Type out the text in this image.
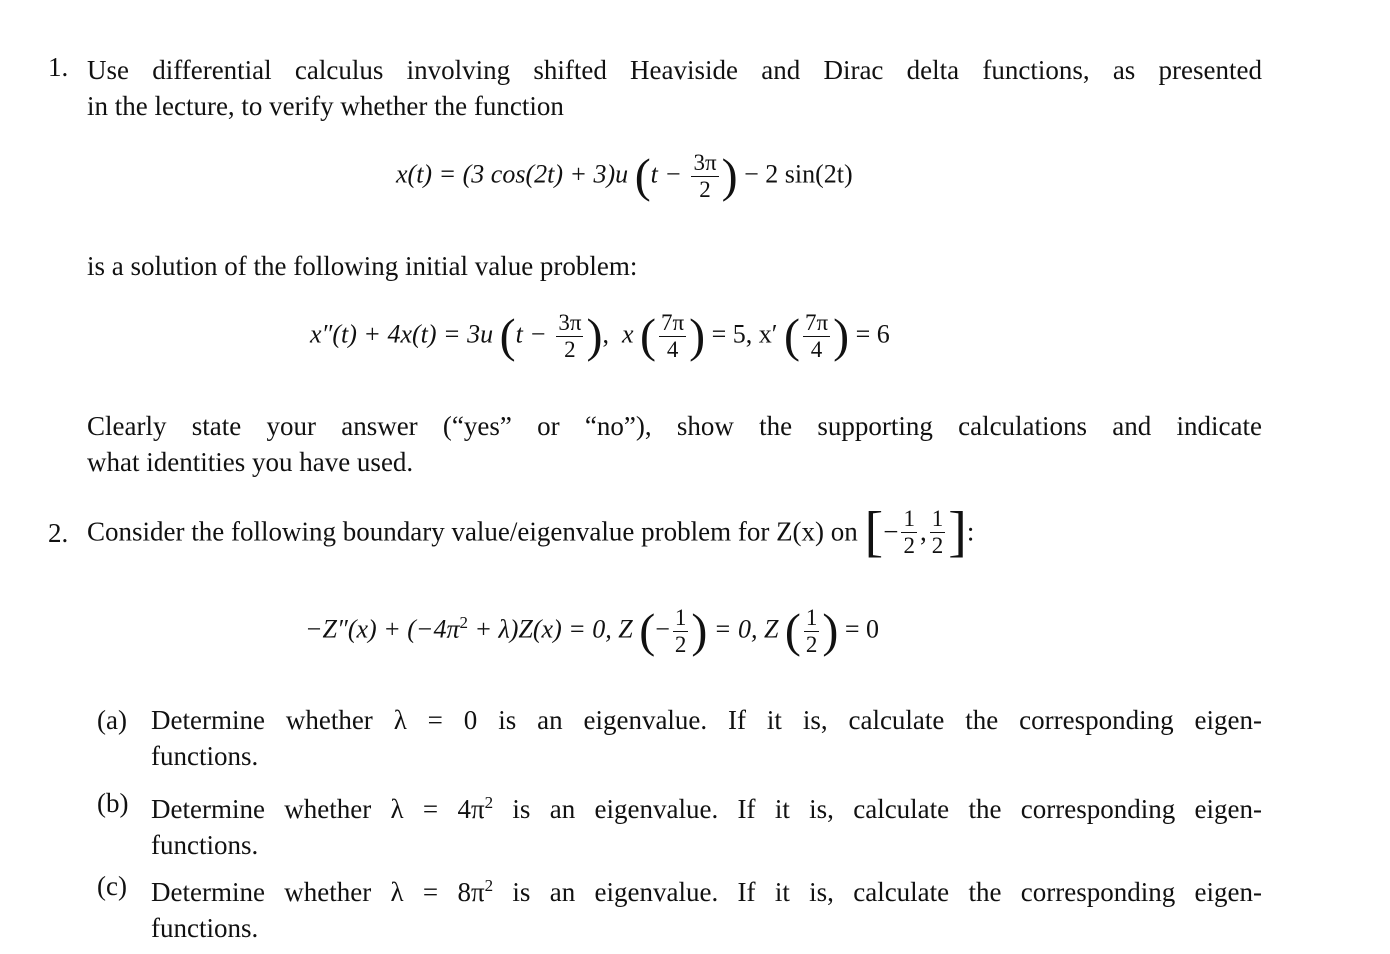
1. Use differential calculus involving shifted Heaviside and Dirac delta functions, as presented
in the lecture, to verify whether the function
x(t) = (3 cos(2t) + 3)u ($t - \frac{3\pi}{2}$ ) − 2 sin(2t)
is a solution of the following initial value problem:
x″(t) + 4x(t) = 3u ($t - \frac{3\pi}{2}$ ),  x ( $\frac{7\pi}{4}$ ) = 5, x′ ( $\frac{7\pi}{4}$ ) = 6
Clearly state your answer (“yes” or “no”), show the supporting calculations and indicate
what identities you have used.
2. Consider the following boundary value/eigenvalue problem for Z(x) on [− $\frac{1}{2}$ , $\frac{1}{2}$ ]:
$-Z''(x) + (-4\pi^2 + \lambda)Z(x) = 0$, Z (− $\frac{1}{2}$ ) = 0, Z ( $\frac{1}{2}$ ) = 0
(a) Determine whether λ = 0 is an eigenvalue. If it is, calculate the corresponding eigen-
functions.
(b) Determine whether $\lambda = 4\pi^2$ is an eigenvalue. If it is, calculate the corresponding eigen-
functions.
(c) Determine whether $\lambda = 8\pi^2$ is an eigenvalue. If it is, calculate the corresponding eigen-
functions.
